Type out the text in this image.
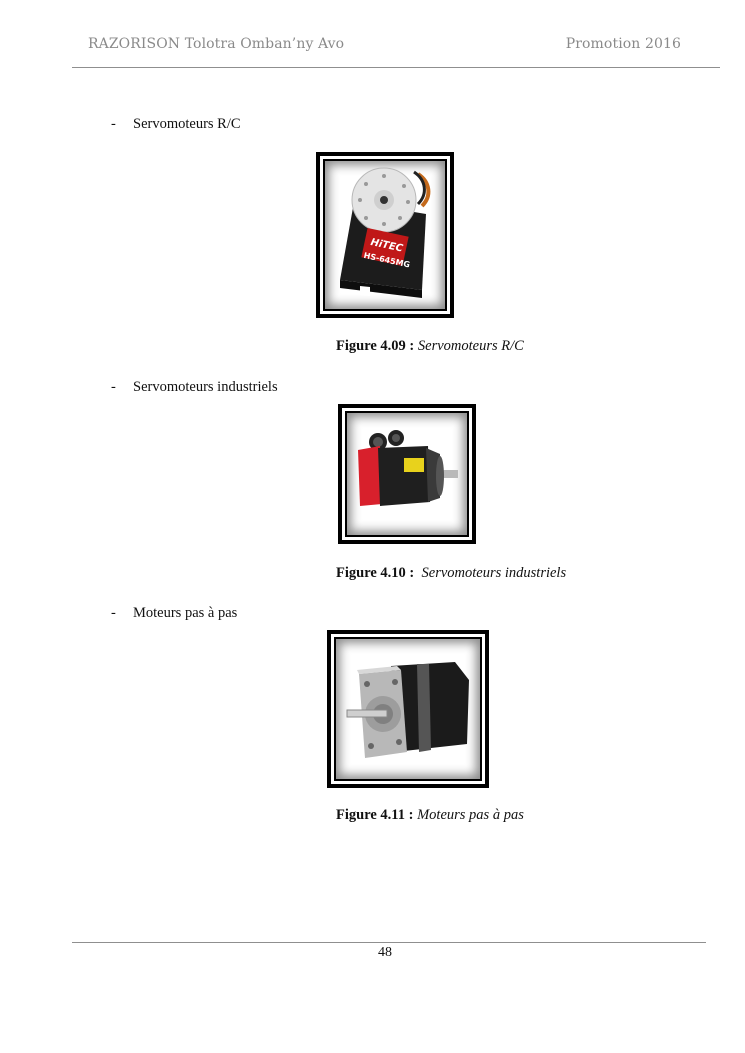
RAZORISON Tolotra Omban’ny Avo	Promotion 2016
- Servomoteurs R/C
HiTEC
HS-645MG
Figure 4.09 : Servomoteurs R/C
- Servomoteurs industriels
Figure 4.10 : Servomoteurs industriels
- Moteurs pas à pas
Figure 4.11 : Moteurs pas à pas
48
